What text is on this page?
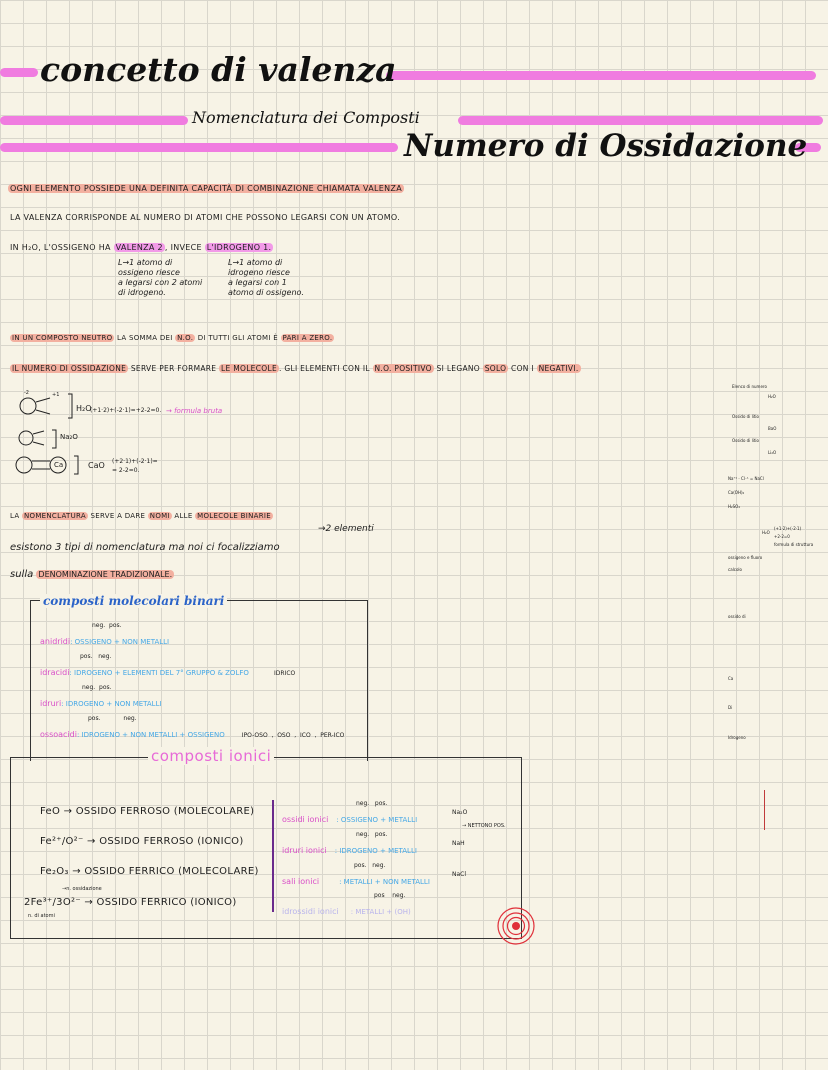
concetto di valenza
Nomenclatura dei Composti
Numero di Ossidazione
OGNI ELEMENTO POSSIEDE UNA DEFINITA CAPACITÀ DI COMBINAZIONE CHIAMATA VALENZA
LA VALENZA CORRISPONDE AL NUMERO DI ATOMI CHE POSSONO LEGARSI CON UN ATOMO.
IN H₂O, L'OSSIGENO HA VALENZA 2 , INVECE L'IDROGENO 1.
L→1 atomo di
ossigeno riesce
a legarsi con 2 atomi
di idrogeno.
L→1 atomo di
idrogeno riesce
a legarsi con 1
atomo di ossigeno.
IN UN COMPOSTO NEUTRO LA SOMMA DEI N.O. DI TUTTI GLI ATOMI È PARI A ZERO.
IL NUMERO DI OSSIDAZIONE SERVE PER FORMARE LE MOLECOLE . GLI ELEMENTI CON IL N.O. POSITIVO SI LEGANO SOLO CON I NEGATIVI.
+1
-2
H₂O
(+1·2)+(-2·1)=+2-2=0. → formula bruta
Na₂O
Ca	CaO (+2·1)+(-2·1)=
= 2-2=0.
LA NOMENCLATURA SERVE A DARE NOMI ALLE MOLECOLE BINARIE
→2 elementi
esistono 3 tipi di nomenclatura ma noi ci focalizziamo
sulla DENOMINAZIONE TRADIZIONALE.
composti molecolari binari
neg.  pos.
anidridi: OSSIGENO + NON METALLI
pos.   neg.
idracidi: IDROGENO + ELEMENTI DEL 7° GRUPPO & ZOLFO	IDRICO
neg.  pos.
idruri: IDROGENO + NON METALLI
pos.            neg.
ossoacidi: IDROGENO + NON METALLI + OSSIGENO	IPO-OSO  ,  OSO  ,  ICO  ,  PER-ICO
composti ionici
FeO → OSSIDO FERROSO (MOLECOLARE)
Fe²⁺/O²⁻ → OSSIDO FERROSO (IONICO)
Fe₂O₃ → OSSIDO FERRICO (MOLECOLARE)
→n. ossidazione
2Fe³⁺/3O²⁻ → OSSIDO FERRICO (IONICO)
n. di atomi
neg.   pos.
ossidi ionici : OSSIGENO + METALLI
Na₂O
→ NETTONO POS.
neg.   pos.
idruri ionici : IDROGENO + METALLI
NaH
pos.   neg.
sali ionici	: METALLI + NON METALLI
NaCl
pos    neg.
idrossidi ionici : METALLI + (OH)
Elenco di numero
H₂O
Ossido di litio
BaO
Ossido di litio
Li₂O
Na⁺¹ · Cl⁻¹ = NaCl
Ca(OH)₂
H₂SO₄
H₂O
(+1·2)+(-2·1)
+2-2=0
formula di struttura
ossigeno e fluoro
calcolo
ossido di
Ca
Di
Idrogeno
